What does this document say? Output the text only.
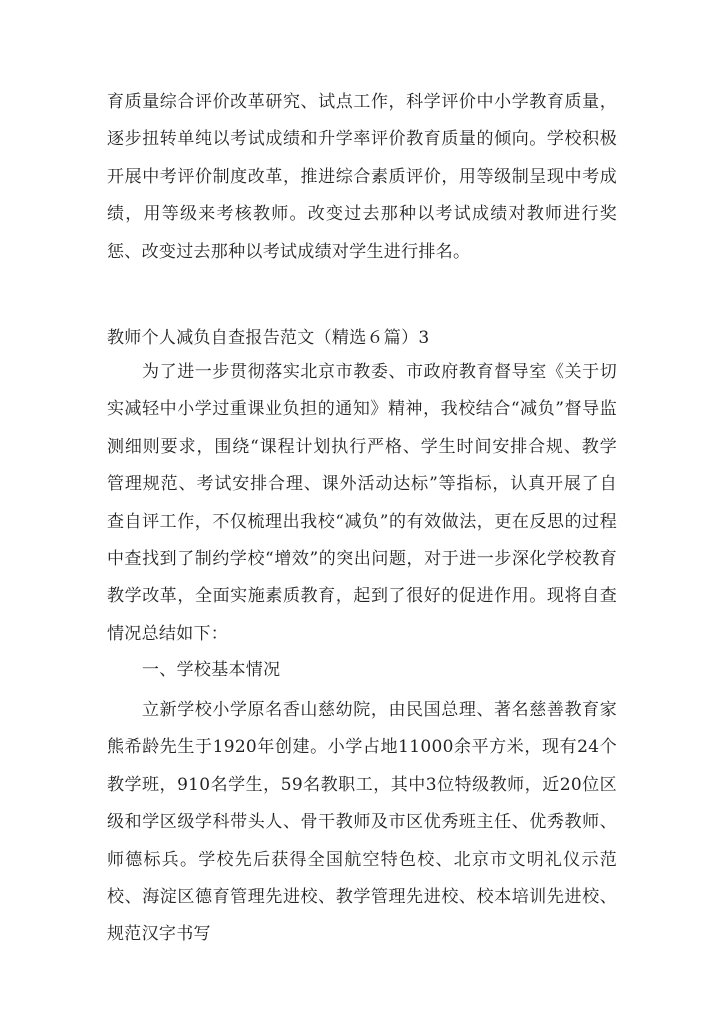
育质量综合评价改革研究、试点工作，科学评价中小学教育质量，逐步扭转单纯以考试成绩和升学率评价教育质量的倾向。学校积极开展中考评价制度改革，推进综合素质评价，用等级制呈现中考成绩，用等级来考核教师。改变过去那种以考试成绩对教师进行奖惩、改变过去那种以考试成绩对学生进行排名。

教师个人减负自查报告范文（精选６篇）3

为了进一步贯彻落实北京市教委、市政府教育督导室《关于切实减轻中小学过重课业负担的通知》精神，我校结合“减负”督导监测细则要求，围绕“课程计划执行严格、学生时间安排合规、教学管理规范、考试安排合理、课外活动达标”等指标，认真开展了自查自评工作，不仅梳理出我校“减负”的有效做法，更在反思的过程中查找到了制约学校“增效”的突出问题，对于进一步深化学校教育教学改革，全面实施素质教育，起到了很好的促进作用。现将自查情况总结如下：

一、学校基本情况

立新学校小学原名香山慈幼院，由民国总理、著名慈善教育家熊希龄先生于1920年创建。小学占地11000余平方米，现有24个教学班，910名学生，59名教职工，其中3位特级教师，近20位区级和学区级学科带头人、骨干教师及市区优秀班主任、优秀教师、师德标兵。学校先后获得全国航空特色校、北京市文明礼仪示范校、海淀区德育管理先进校、教学管理先进校、校本培训先进校、规范汉字书写
